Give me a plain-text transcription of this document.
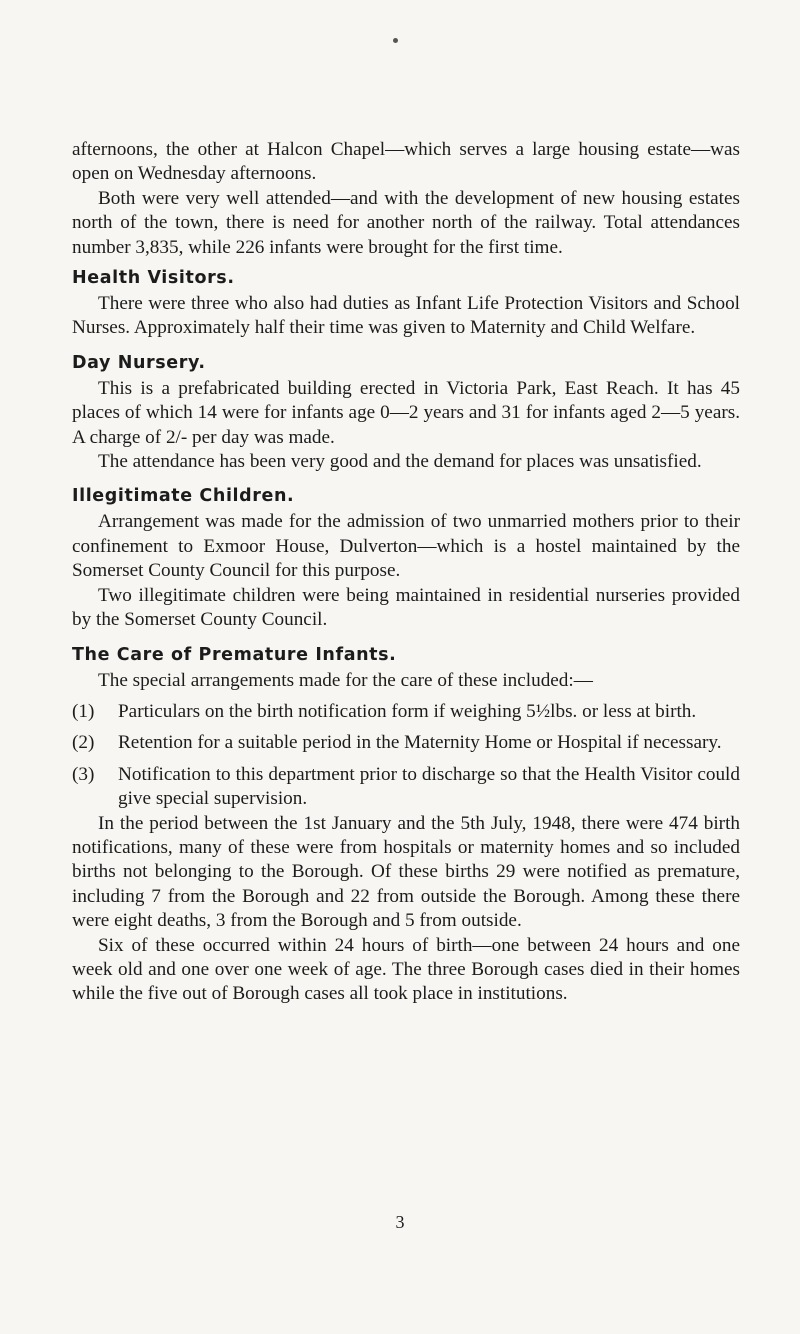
afternoons, the other at Halcon Chapel—which serves a large housing estate—was open on Wednesday afternoons.

Both were very well attended—and with the development of new housing estates north of the town, there is need for another north of the railway. Total attendances number 3,835, while 226 infants were brought for the first time.

Health Visitors.

There were three who also had duties as Infant Life Protection Visitors and School Nurses. Approximately half their time was given to Maternity and Child Welfare.

Day Nursery.

This is a prefabricated building erected in Victoria Park, East Reach. It has 45 places of which 14 were for infants age 0—2 years and 31 for infants aged 2—5 years. A charge of 2/- per day was made.

The attendance has been very good and the demand for places was unsatisfied.

Illegitimate Children.

Arrangement was made for the admission of two unmarried mothers prior to their confinement to Exmoor House, Dulverton—which is a hostel maintained by the Somerset County Council for this purpose.

Two illegitimate children were being maintained in residential nurseries provided by the Somerset County Council.

The Care of Premature Infants.

The special arrangements made for the care of these included:—

(1)	Particulars on the birth notification form if weighing 5½lbs. or less at birth.
(2)	Retention for a suitable period in the Maternity Home or Hospital if necessary.
(3)	Notification to this department prior to discharge so that the Health Visitor could give special supervision.

In the period between the 1st January and the 5th July, 1948, there were 474 birth notifications, many of these were from hospitals or maternity homes and so included births not belonging to the Borough. Of these births 29 were notified as premature, including 7 from the Borough and 22 from outside the Borough. Among these there were eight deaths, 3 from the Borough and 5 from outside.

Six of these occurred within 24 hours of birth—one between 24 hours and one week old and one over one week of age. The three Borough cases died in their homes while the five out of Borough cases all took place in institutions.

3
